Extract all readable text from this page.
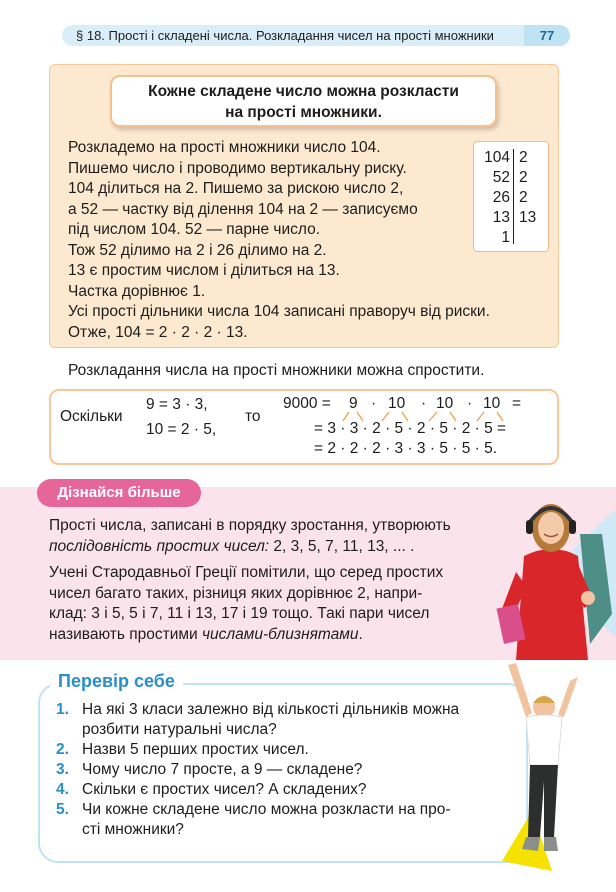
§ 18. Прості і складені числа. Розкладання чисел на прості множники	77
Кожне складене число можна розкласти
на прості множники.
Розкладемо на прості множники число 104.
Пишемо число і проводимо вертикальну риску.
104 ділиться на 2. Пишемо за рискою число 2,
а 52 — частку від ділення 104 на 2 — записуємо
під числом 104. 52 — парне число.
Тож 52 ділимо на 2 і 26 ділимо на 2.
13 є простим числом і ділиться на 13.
Частка дорівнює 1.
Усі прості дільники числа 104 записані праворуч від риски.
Отже, 104 = 2 · 2 · 2 · 13.
104 2
52 2
26 2
13 13
1
Розкладання числа на прості множники можна спростити.
Оскільки
9 = 3 · 3,
10 = 2 · 5,
то
9000 = 9 · 10 · 10 · 10 =
= 3 · 3 · 2 · 5 · 2 · 5 · 2 · 5 =
= 2 · 2 · 2 · 3 · 3 · 5 · 5 · 5.
Дізнайся більше
Прості числа, записані в порядку зростання, утворюють
послідовність простих чисел: 2, 3, 5, 7, 11, 13, ... .
Учені Стародавньої Греції помітили, що серед простих
чисел багато таких, різниця яких дорівнює 2, напри-
клад: 3 і 5, 5 і 7, 11 і 13, 17 і 19 тощо. Такі пари чисел
називають простими числами-близнятами.
Перевір себе
1. На які 3 класи залежно від кількості дільників можна
розбити натуральні числа?
2. Назви 5 перших простих чисел.
3. Чому число 7 просте, а 9 — складене?
4. Скільки є простих чисел? А складених?
5. Чи кожне складене число можна розкласти на про-
сті множники?
